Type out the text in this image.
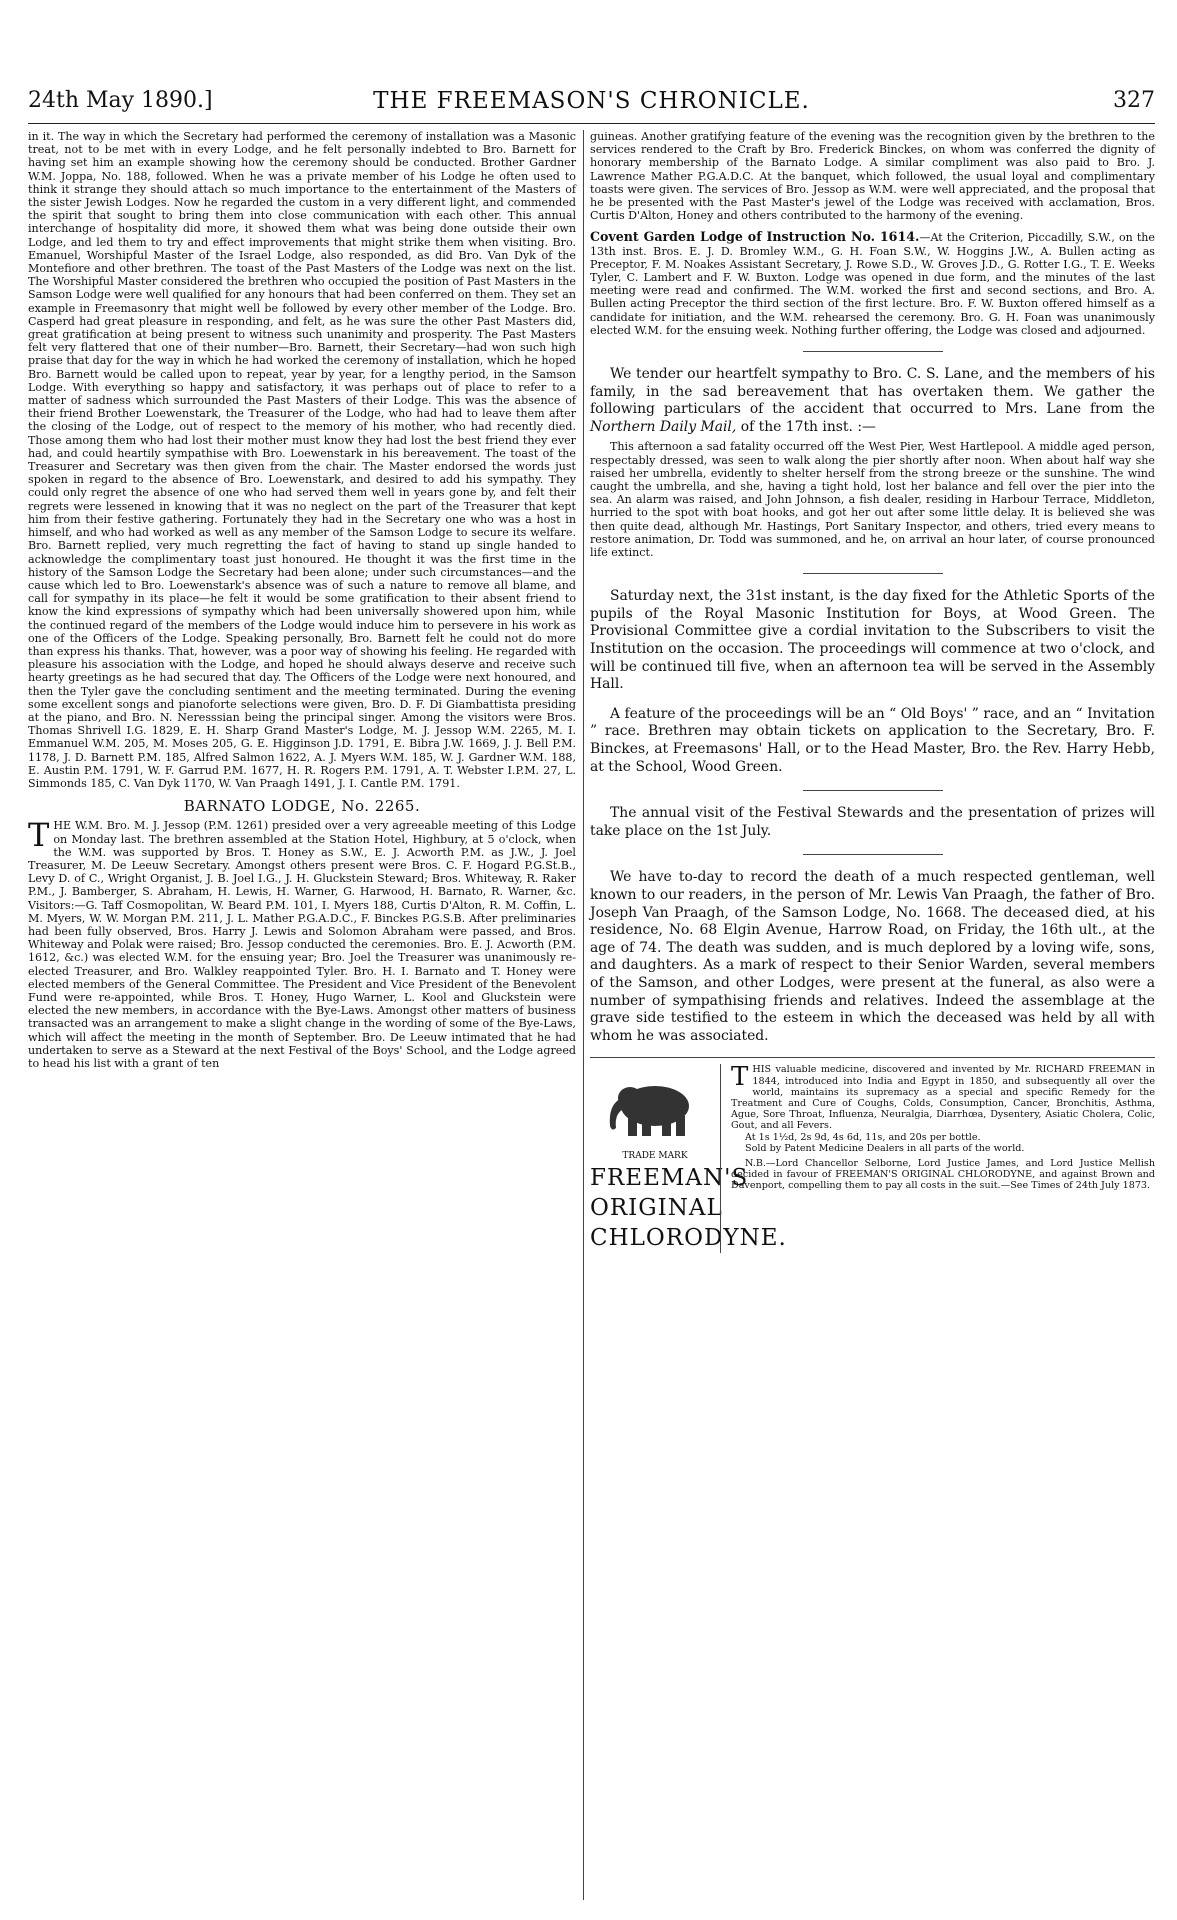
24th May 1890.]	THE FREEMASON'S CHRONICLE.	327

in it. The way in which the Secretary had performed the ceremony of installation was a Masonic treat, not to be met with in every Lodge, and he felt personally indebted to Bro. Barnett for having set him an example showing how the ceremony should be conducted. Brother Gardner W.M. Joppa, No. 188, followed. When he was a private member of his Lodge he often used to think it strange they should attach so much importance to the entertainment of the Masters of the sister Jewish Lodges. Now he regarded the custom in a very different light, and commended the spirit that sought to bring them into close communication with each other. This annual interchange of hospitality did more, it showed them what was being done outside their own Lodge, and led them to try and effect improvements that might strike them when visiting. Bro. Emanuel, Worshipful Master of the Israel Lodge, also responded, as did Bro. Van Dyk of the Montefiore and other brethren. The toast of the Past Masters of the Lodge was next on the list. The Worshipful Master considered the brethren who occupied the position of Past Masters in the Samson Lodge were well qualified for any honours that had been conferred on them. They set an example in Freemasonry that might well be followed by every other member of the Lodge. Bro. Casperd had great pleasure in responding, and felt, as he was sure the other Past Masters did, great gratification at being present to witness such unanimity and prosperity. The Past Masters felt very flattered that one of their number—Bro. Barnett, their Secretary—had won such high praise that day for the way in which he had worked the ceremony of installation, which he hoped Bro. Barnett would be called upon to repeat, year by year, for a lengthy period, in the Samson Lodge. With everything so happy and satisfactory, it was perhaps out of place to refer to a matter of sadness which surrounded the Past Masters of their Lodge. This was the absence of their friend Brother Loewenstark, the Treasurer of the Lodge, who had had to leave them after the closing of the Lodge, out of respect to the memory of his mother, who had recently died. Those among them who had lost their mother must know they had lost the best friend they ever had, and could heartily sympathise with Bro. Loewenstark in his bereavement. The toast of the Treasurer and Secretary was then given from the chair. The Master endorsed the words just spoken in regard to the absence of Bro. Loewenstark, and desired to add his sympathy. They could only regret the absence of one who had served them well in years gone by, and felt their regrets were lessened in knowing that it was no neglect on the part of the Treasurer that kept him from their festive gathering. Fortunately they had in the Secretary one who was a host in himself, and who had worked as well as any member of the Samson Lodge to secure its welfare. Bro. Barnett replied, very much regretting the fact of having to stand up single handed to acknowledge the complimentary toast just honoured. He thought it was the first time in the history of the Samson Lodge the Secretary had been alone; under such circumstances—and the cause which led to Bro. Loewenstark's absence was of such a nature to remove all blame, and call for sympathy in its place—he felt it would be some gratification to their absent friend to know the kind expressions of sympathy which had been universally showered upon him, while the continued regard of the members of the Lodge would induce him to persevere in his work as one of the Officers of the Lodge. Speaking personally, Bro. Barnett felt he could not do more than express his thanks. That, however, was a poor way of showing his feeling. He regarded with pleasure his association with the Lodge, and hoped he should always deserve and receive such hearty greetings as he had secured that day. The Officers of the Lodge were next honoured, and then the Tyler gave the concluding sentiment and the meeting terminated. During the evening some excellent songs and pianoforte selections were given, Bro. D. F. Di Giambattista presiding at the piano, and Bro. N. Neresssian being the principal singer. Among the visitors were Bros. Thomas Shrivell I.G. 1829, E. H. Sharp Grand Master's Lodge, M. J. Jessop W.M. 2265, M. I. Emmanuel W.M. 205, M. Moses 205, G. E. Higginson J.D. 1791, E. Bibra J.W. 1669, J. J. Bell P.M. 1178, J. D. Barnett P.M. 185, Alfred Salmon 1622, A. J. Myers W.M. 185, W. J. Gardner W.M. 188, E. Austin P.M. 1791, W. F. Garrud P.M. 1677, H. R. Rogers P.M. 1791, A. T. Webster I.P.M. 27, L. Simmonds 185, C. Van Dyk 1170, W. Van Praagh 1491, J. I. Cantle P.M. 1791.

BARNATO LODGE, No. 2265.

THE W.M. Bro. M. J. Jessop (P.M. 1261) presided over a very agreeable meeting of this Lodge on Monday last. The brethren assembled at the Station Hotel, Highbury, at 5 o'clock, when the W.M. was supported by Bros. T. Honey as S.W., E. J. Acworth P.M. as J.W., J. Joel Treasurer, M. De Leeuw Secretary. Amongst others present were Bros. C. F. Hogard P.G.St.B., Levy D. of C., Wright Organist, J. B. Joel I.G., J. H. Gluckstein Steward; Bros. Whiteway, R. Raker P.M., J. Bamberger, S. Abraham, H. Lewis, H. Warner, G. Harwood, H. Barnato, R. Warner, &c. Visitors:—G. Taff Cosmopolitan, W. Beard P.M. 101, I. Myers 188, Curtis D'Alton, R. M. Coffin, L. M. Myers, W. W. Morgan P.M. 211, J. L. Mather P.G.A.D.C., F. Binckes P.G.S.B. After preliminaries had been fully observed, Bros. Harry J. Lewis and Solomon Abraham were passed, and Bros. Whiteway and Polak were raised; Bro. Jessop conducted the ceremonies. Bro. E. J. Acworth (P.M. 1612, &c.) was elected W.M. for the ensuing year; Bro. Joel the Treasurer was unanimously re-elected Treasurer, and Bro. Walkley reappointed Tyler. Bro. H. I. Barnato and T. Honey were elected members of the General Committee. The President and Vice President of the Benevolent Fund were re-appointed, while Bros. T. Honey, Hugo Warner, L. Kool and Gluckstein were elected the new members, in accordance with the Bye-Laws. Amongst other matters of business transacted was an arrangement to make a slight change in the wording of some of the Bye-Laws, which will affect the meeting in the month of September. Bro. De Leeuw intimated that he had undertaken to serve as a Steward at the next Festival of the Boys' School, and the Lodge agreed to head his list with a grant of ten

guineas. Another gratifying feature of the evening was the recognition given by the brethren to the services rendered to the Craft by Bro. Frederick Binckes, on whom was conferred the dignity of honorary membership of the Barnato Lodge. A similar compliment was also paid to Bro. J. Lawrence Mather P.G.A.D.C. At the banquet, which followed, the usual loyal and complimentary toasts were given. The services of Bro. Jessop as W.M. were well appreciated, and the proposal that he be presented with the Past Master's jewel of the Lodge was received with acclamation, Bros. Curtis D'Alton, Honey and others contributed to the harmony of the evening.

Covent Garden Lodge of Instruction No. 1614.—At the Criterion, Piccadilly, S.W., on the 13th inst. Bros. E. J. D. Bromley W.M., G. H. Foan S.W., W. Hoggins J.W., A. Bullen acting as Preceptor, F. M. Noakes Assistant Secretary, J. Rowe S.D., W. Groves J.D., G. Rotter I.G., T. E. Weeks Tyler, C. Lambert and F. W. Buxton. Lodge was opened in due form, and the minutes of the last meeting were read and confirmed. The W.M. worked the first and second sections, and Bro. A. Bullen acting Preceptor the third section of the first lecture. Bro. F. W. Buxton offered himself as a candidate for initiation, and the W.M. rehearsed the ceremony. Bro. G. H. Foan was unanimously elected W.M. for the ensuing week. Nothing further offering, the Lodge was closed and adjourned.

We tender our heartfelt sympathy to Bro. C. S. Lane, and the members of his family, in the sad bereavement that has overtaken them. We gather the following particulars of the accident that occurred to Mrs. Lane from the Northern Daily Mail, of the 17th inst. :—

This afternoon a sad fatality occurred off the West Pier, West Hartlepool. A middle aged person, respectably dressed, was seen to walk along the pier shortly after noon. When about half way she raised her umbrella, evidently to shelter herself from the strong breeze or the sunshine. The wind caught the umbrella, and she, having a tight hold, lost her balance and fell over the pier into the sea. An alarm was raised, and John Johnson, a fish dealer, residing in Harbour Terrace, Middleton, hurried to the spot with boat hooks, and got her out after some little delay. It is believed she was then quite dead, although Mr. Hastings, Port Sanitary Inspector, and others, tried every means to restore animation, Dr. Todd was summoned, and he, on arrival an hour later, of course pronounced life extinct.

Saturday next, the 31st instant, is the day fixed for the Athletic Sports of the pupils of the Royal Masonic Institution for Boys, at Wood Green. The Provisional Committee give a cordial invitation to the Subscribers to visit the Institution on the occasion. The proceedings will commence at two o'clock, and will be continued till five, when an afternoon tea will be served in the Assembly Hall.

A feature of the proceedings will be an “ Old Boys' ” race, and an “ Invitation ” race. Brethren may obtain tickets on application to the Secretary, Bro. F. Binckes, at Freemasons' Hall, or to the Head Master, Bro. the Rev. Harry Hebb, at the School, Wood Green.

The annual visit of the Festival Stewards and the presentation of prizes will take place on the 1st July.

We have to-day to record the death of a much respected gentleman, well known to our readers, in the person of Mr. Lewis Van Praagh, the father of Bro. Joseph Van Praagh, of the Samson Lodge, No. 1668. The deceased died, at his residence, No. 68 Elgin Avenue, Harrow Road, on Friday, the 16th ult., at the age of 74. The death was sudden, and is much deplored by a loving wife, sons, and daughters. As a mark of respect to their Senior Warden, several members of the Samson, and other Lodges, were present at the funeral, as also were a number of sympathising friends and relatives. Indeed the assemblage at the grave side testified to the esteem in which the deceased was held by all with whom he was associated.

TRADE MARK
FREEMAN'S
ORIGINAL
CHLORODYNE.

THIS valuable medicine, discovered and invented by Mr. RICHARD FREEMAN in 1844, introduced into India and Egypt in 1850, and subsequently all over the world, maintains its supremacy as a special and specific Remedy for the Treatment and Cure of Coughs, Colds, Consumption, Cancer, Bronchitis, Asthma, Ague, Sore Throat, Influenza, Neuralgia, Diarrhœa, Dysentery, Asiatic Cholera, Colic, Gout, and all Fevers.

At 1s 1½d, 2s 9d, 4s 6d, 11s, and 20s per bottle.

Sold by Patent Medicine Dealers in all parts of the world.

N.B.—Lord Chancellor Selborne, Lord Justice James, and Lord Justice Mellish decided in favour of FREEMAN'S ORIGINAL CHLORODYNE, and against Brown and Davenport, compelling them to pay all costs in the suit.—See Times of 24th July 1873.
